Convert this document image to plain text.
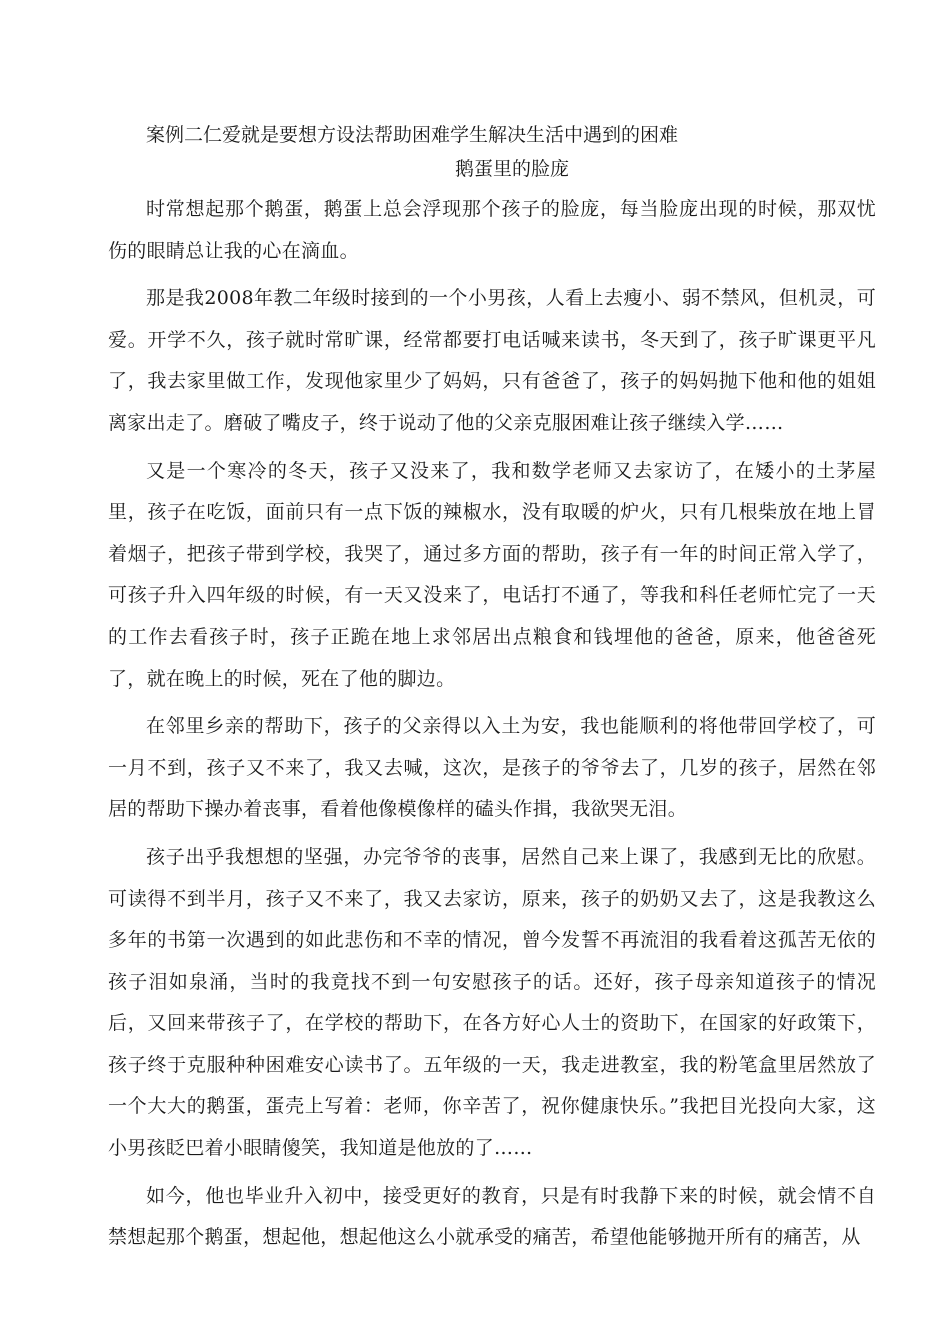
案例二仁爱就是要想方设法帮助困难学生解决生活中遇到的困难
鹅蛋里的脸庞

时常想起那个鹅蛋，鹅蛋上总会浮现那个孩子的脸庞，每当脸庞出现的时候，那双忧伤的眼睛总让我的心在滴血。

那是我2008年教二年级时接到的一个小男孩，人看上去瘦小、弱不禁风，但机灵，可爱。开学不久，孩子就时常旷课，经常都要打电话喊来读书，冬天到了，孩子旷课更平凡了，我去家里做工作，发现他家里少了妈妈，只有爸爸了，孩子的妈妈抛下他和他的姐姐离家出走了。磨破了嘴皮子，终于说动了他的父亲克服困难让孩子继续入学……

又是一个寒冷的冬天，孩子又没来了，我和数学老师又去家访了，在矮小的土茅屋里，孩子在吃饭，面前只有一点下饭的辣椒水，没有取暖的炉火，只有几根柴放在地上冒着烟子，把孩子带到学校，我哭了，通过多方面的帮助，孩子有一年的时间正常入学了，可孩子升入四年级的时候，有一天又没来了，电话打不通了，等我和科任老师忙完了一天的工作去看孩子时，孩子正跪在地上求邻居出点粮食和钱埋他的爸爸，原来，他爸爸死了，就在晚上的时候，死在了他的脚边。

在邻里乡亲的帮助下，孩子的父亲得以入土为安，我也能顺利的将他带回学校了，可一月不到，孩子又不来了，我又去喊，这次，是孩子的爷爷去了，几岁的孩子，居然在邻居的帮助下操办着丧事，看着他像模像样的磕头作揖，我欲哭无泪。

孩子出乎我想想的坚强，办完爷爷的丧事，居然自己来上课了，我感到无比的欣慰。可读得不到半月，孩子又不来了，我又去家访，原来，孩子的奶奶又去了，这是我教这么多年的书第一次遇到的如此悲伤和不幸的情况，曾今发誓不再流泪的我看着这孤苦无依的孩子泪如泉涌，当时的我竟找不到一句安慰孩子的话。还好，孩子母亲知道孩子的情况后，又回来带孩子了，在学校的帮助下，在各方好心人士的资助下，在国家的好政策下，孩子终于克服种种困难安心读书了。五年级的一天，我走进教室，我的粉笔盒里居然放了一个大大的鹅蛋，蛋壳上写着：老师，你辛苦了，祝你健康快乐。”我把目光投向大家，这小男孩眨巴着小眼睛傻笑，我知道是他放的了……

如今，他也毕业升入初中，接受更好的教育，只是有时我静下来的时候，就会情不自禁想起那个鹅蛋，想起他，想起他这么小就承受的痛苦，希望他能够抛开所有的痛苦，从
